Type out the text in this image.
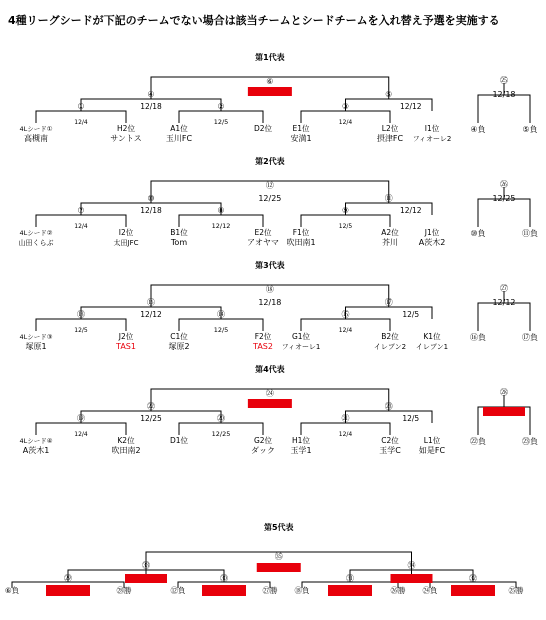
4種リーグシードが下記のチームでない場合は該当チームとシードチームを入れ替え予選を実施する
第1代表
⑥
④
12/18
⑤
12/12
①
12/4
②
12/5
③
12/4
4Lシード①
高槻南
H2位
サントス
A1位
玉川FC
D2位	E1位
安満1
L2位
摂津FC
I1位
フィオーレ2
㉕
12/18
④負	⑤負
第2代表
⑫
12/25
⑩
12/18
⑪
12/12
⑦
12/4
⑧
12/12
⑨
12/5
4Lシード②
山田くらぶ
I2位
太田JFC
B1位
Tom
E2位
アオヤマ
F1位
吹田南1
A2位
芥川
J1位
A茨木2
㉖
12/25
⑩負	⑪負
第3代表
⑱
12/18
⑯
12/12
⑰
12/5
⑬
12/5
⑭
12/5
⑮
12/4
4Lシード③
塚原1
J2位
TAS1
C1位
塚原2
F2位
TAS2
G1位
フィオーレ1
B2位
イレブン2
K1位
イレブン1
㉗
12/12
⑯負	⑰負
第4代表
㉔
㉒
12/25
㉓
12/5
⑲
12/4
⑳
12/25
㉑
12/4
4Lシード④
A茨木1
K2位
吹田南2
D1位	G2位
ダック
H1位
玉学1
C2位
玉学C
L1位
如是FC
㉘
㉒負	㉓負
第5代表
㉟
㉝	㉞
㉙	㉚	㉛	㉜
⑥負	㉘勝	⑫負	㉗勝 ⑱負	㉖勝 ㉔負	㉕勝
